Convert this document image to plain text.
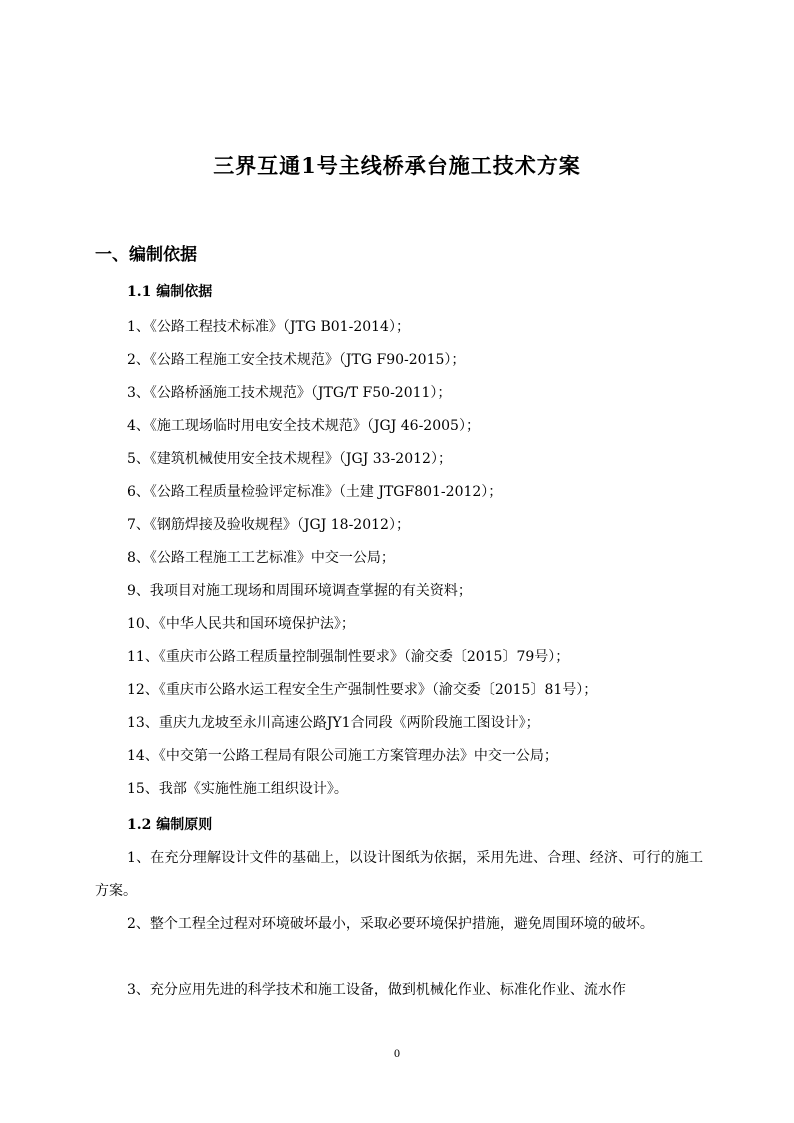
三界互通1号主线桥承台施工技术方案
一、编制依据
1.1 编制依据
1、《公路工程技术标准》（JTG B01-2014）；
2、《公路工程施工安全技术规范》（JTG F90-2015）；
3、《公路桥涵施工技术规范》（JTG/T F50-2011）；
4、《施工现场临时用电安全技术规范》（JGJ 46-2005）；
5、《建筑机械使用安全技术规程》（JGJ 33-2012）；
6、《公路工程质量检验评定标准》（土建 JTGF801-2012）；
7、《钢筋焊接及验收规程》（JGJ 18-2012）；
8、《公路工程施工工艺标准》中交一公局；
9、我项目对施工现场和周围环境调查掌握的有关资料；
10、《中华人民共和国环境保护法》；
11、《重庆市公路工程质量控制强制性要求》（渝交委〔2015〕79号）；
12、《重庆市公路水运工程安全生产强制性要求》（渝交委〔2015〕81号）；
13、重庆九龙坡至永川高速公路JY1合同段《两阶段施工图设计》；
14、《中交第一公路工程局有限公司施工方案管理办法》中交一公局；
15、我部《实施性施工组织设计》。
1.2 编制原则
1、在充分理解设计文件的基础上，以设计图纸为依据，采用先进、合理、经济、可行的施工方案。
2、整个工程全过程对环境破坏最小，采取必要环境保护措施，避免周围环境的破坏。
3、充分应用先进的科学技术和施工设备，做到机械化作业、标准化作业、流水作
0
